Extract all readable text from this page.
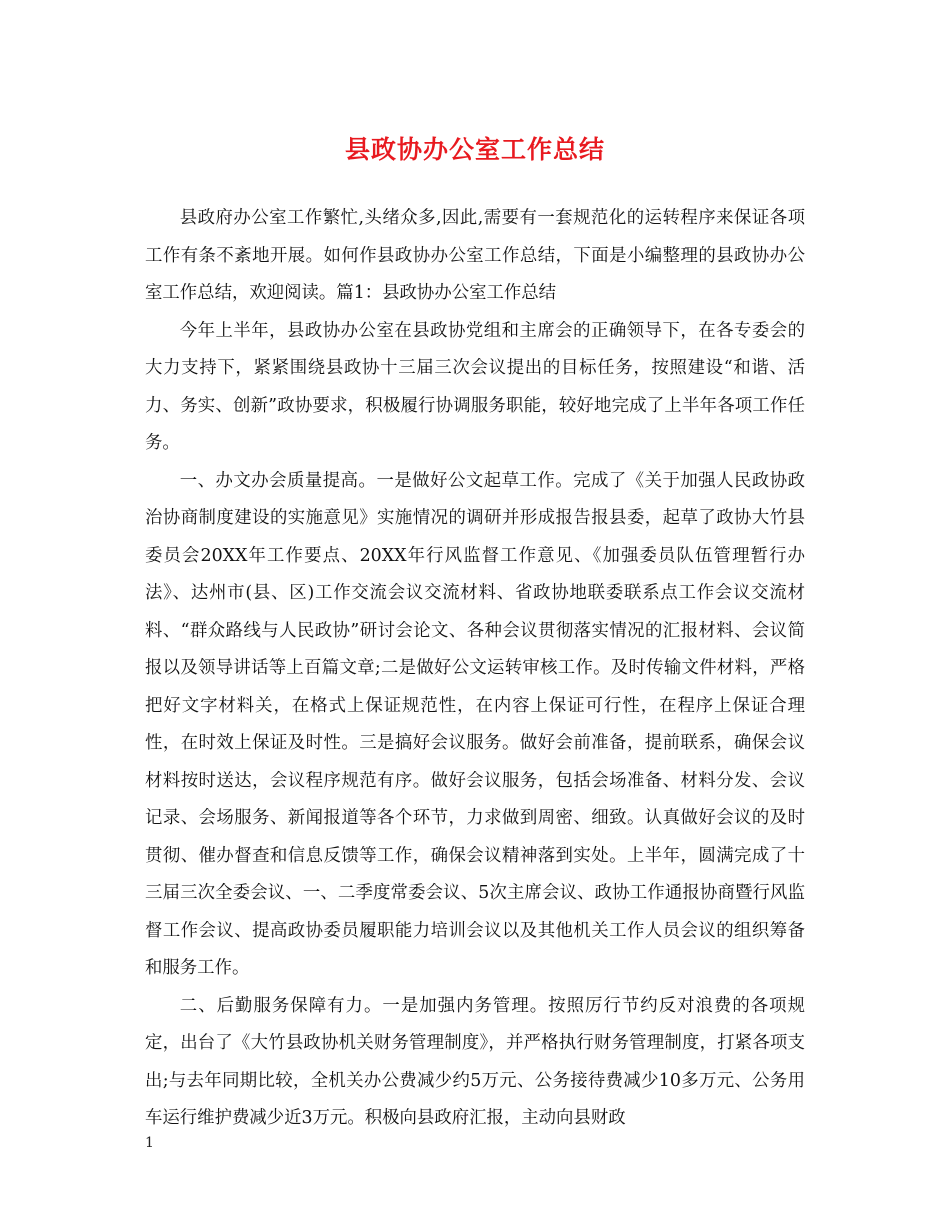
县政协办公室工作总结

县政府办公室工作繁忙,头绪众多,因此,需要有一套规范化的运转程序来保证各项工作有条不紊地开展。如何作县政协办公室工作总结，下面是小编整理的县政协办公室工作总结，欢迎阅读。篇1：县政协办公室工作总结

今年上半年，县政协办公室在县政协党组和主席会的正确领导下，在各专委会的大力支持下，紧紧围绕县政协十三届三次会议提出的目标任务，按照建设“和谐、活力、务实、创新”政协要求，积极履行协调服务职能，较好地完成了上半年各项工作任务。

一、办文办会质量提高。一是做好公文起草工作。完成了《关于加强人民政协政治协商制度建设的实施意见》实施情况的调研并形成报告报县委，起草了政协大竹县委员会20XX年工作要点、20XX年行风监督工作意见、《加强委员队伍管理暂行办法》、达州市(县、区)工作交流会议交流材料、省政协地联委联系点工作会议交流材料、“群众路线与人民政协”研讨会论文、各种会议贯彻落实情况的汇报材料、会议简报以及领导讲话等上百篇文章;二是做好公文运转审核工作。及时传输文件材料，严格把好文字材料关，在格式上保证规范性，在内容上保证可行性，在程序上保证合理性，在时效上保证及时性。三是搞好会议服务。做好会前准备，提前联系，确保会议材料按时送达，会议程序规范有序。做好会议服务，包括会场准备、材料分发、会议记录、会场服务、新闻报道等各个环节，力求做到周密、细致。认真做好会议的及时贯彻、催办督查和信息反馈等工作，确保会议精神落到实处。上半年，圆满完成了十三届三次全委会议、一、二季度常委会议、5次主席会议、政协工作通报协商暨行风监督工作会议、提高政协委员履职能力培训会议以及其他机关工作人员会议的组织筹备和服务工作。

二、后勤服务保障有力。一是加强内务管理。按照厉行节约反对浪费的各项规定，出台了《大竹县政协机关财务管理制度》，并严格执行财务管理制度，打紧各项支出;与去年同期比较，全机关办公费减少约5万元、公务接待费减少10多万元、公务用车运行维护费减少近3万元。积极向县政府汇报，主动向县财政

1
